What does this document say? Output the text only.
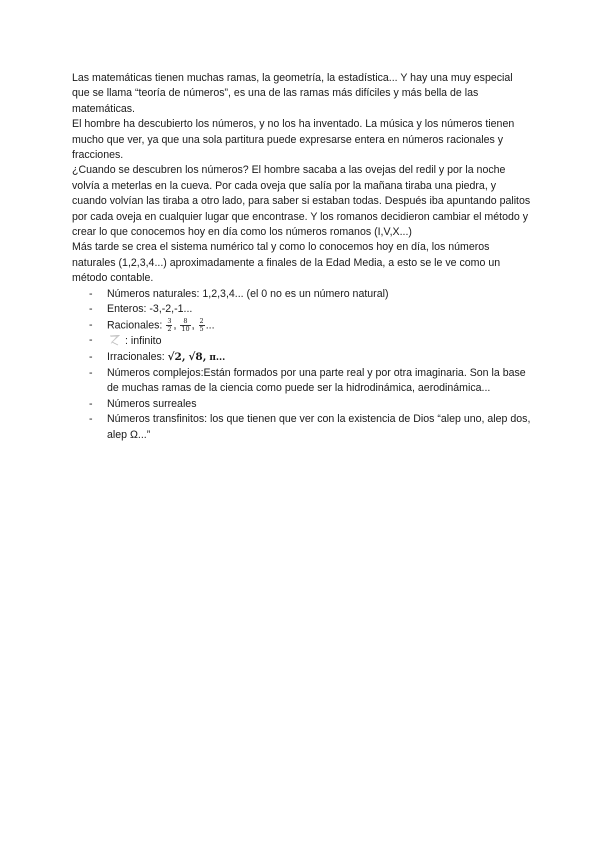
Las matemáticas tienen muchas ramas, la geometría, la estadística... Y hay una muy especial que se llama “teoría de números”, es una de las ramas más difíciles y más bella de las matemáticas.

El hombre ha descubierto los números, y no los ha inventado. La música y los números tienen mucho que ver, ya que una sola partitura puede expresarse entera en números racionales y fracciones.

¿Cuando se descubren los números? El hombre sacaba a las ovejas del redil y por la noche volvía a meterlas en la cueva. Por cada oveja que salía por la mañana tiraba una piedra, y cuando volvían las tiraba a otro lado, para saber si estaban todas. Después iba apuntando palitos por cada oveja en cualquier lugar que encontrase. Y los romanos decidieron cambiar el método y crear lo que conocemos hoy en día como los números romanos (I,V,X...)

Más tarde se crea el sistema numérico tal y como lo conocemos hoy en día, los números naturales (1,2,3,4...) aproximadamente a finales de la Edad Media, a esto se le ve como un método contable.

-	Números naturales: 1,2,3,4... (el 0 no es un número natural)
-	Enteros: -3,-2,-1...
-	Racionales: $\frac{3}{2}$ , $\frac{8}{10}$ , $\frac{2}{5}$ ...
-	: infinito
-	Irracionales: √2, √8, π...
-	Números complejos:Están formados por una parte real y por otra imaginaria. Son la base de muchas ramas de la ciencia como puede ser la hidrodinámica, aerodinámica...
-	Números surreales
-	Números transfinitos: los que tienen que ver con la existencia de Dios “alep uno, alep dos, alep Ω...”
